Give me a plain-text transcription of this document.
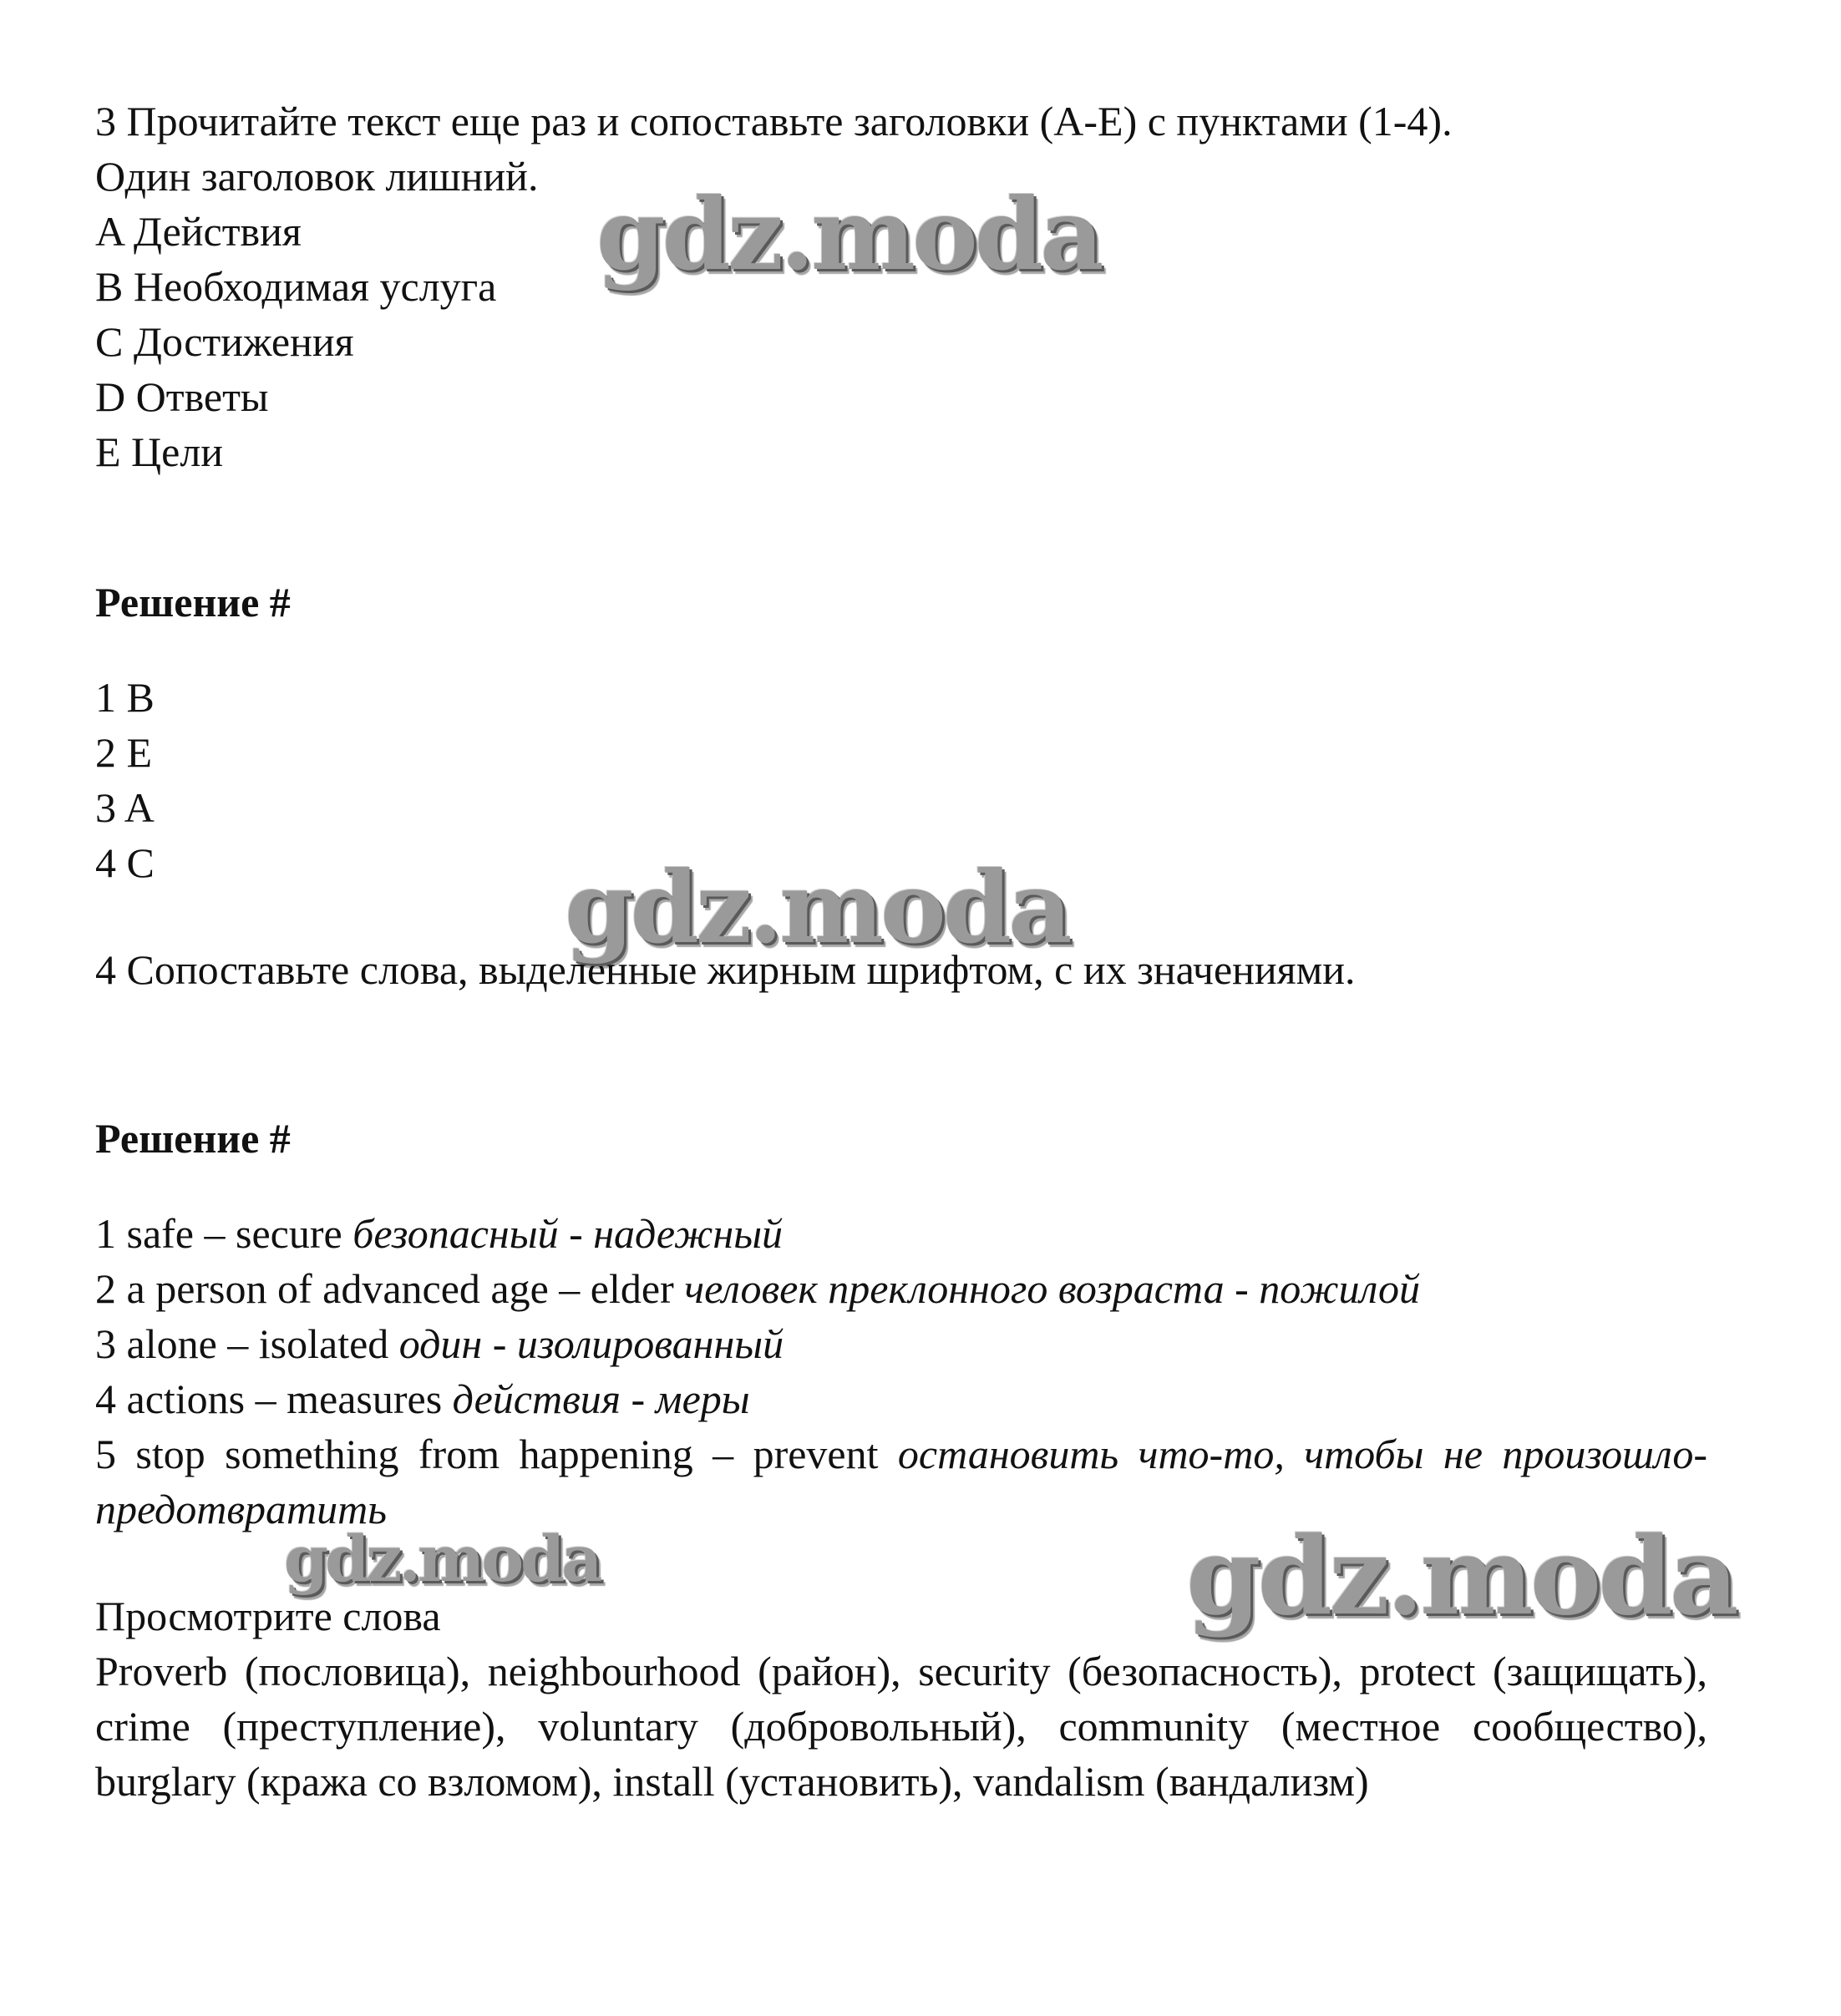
3 Прочитайте текст еще раз и сопоставьте заголовки (A-E) с пунктами (1-4).
Один заголовок лишний.
A Действия
B Необходимая услуга
C Достижения
D Ответы
E Цели
Решение #
1 B
2 E
3 A
4 C
4 Сопоставьте слова, выделенные жирным шрифтом, с их значениями.
Решение #
1 safe – secure безопасный - надежный
2 a person of advanced age – elder человек преклонного возраста - пожилой
3 alone – isolated один - изолированный
4 actions – measures действия - меры
5 stop something from happening – prevent остановить что-то, чтобы не произошло- предотвратить
Просмотрите слова
Proverb (пословица), neighbourhood (район), security (безопасность), protect (защищать), crime (преступление), voluntary (добровольный), community (местное сообщество), burglary (кража со взломом), install (установить), vandalism (вандализм)
gdz.moda
gdz.moda
gdz.moda	gdz.moda
